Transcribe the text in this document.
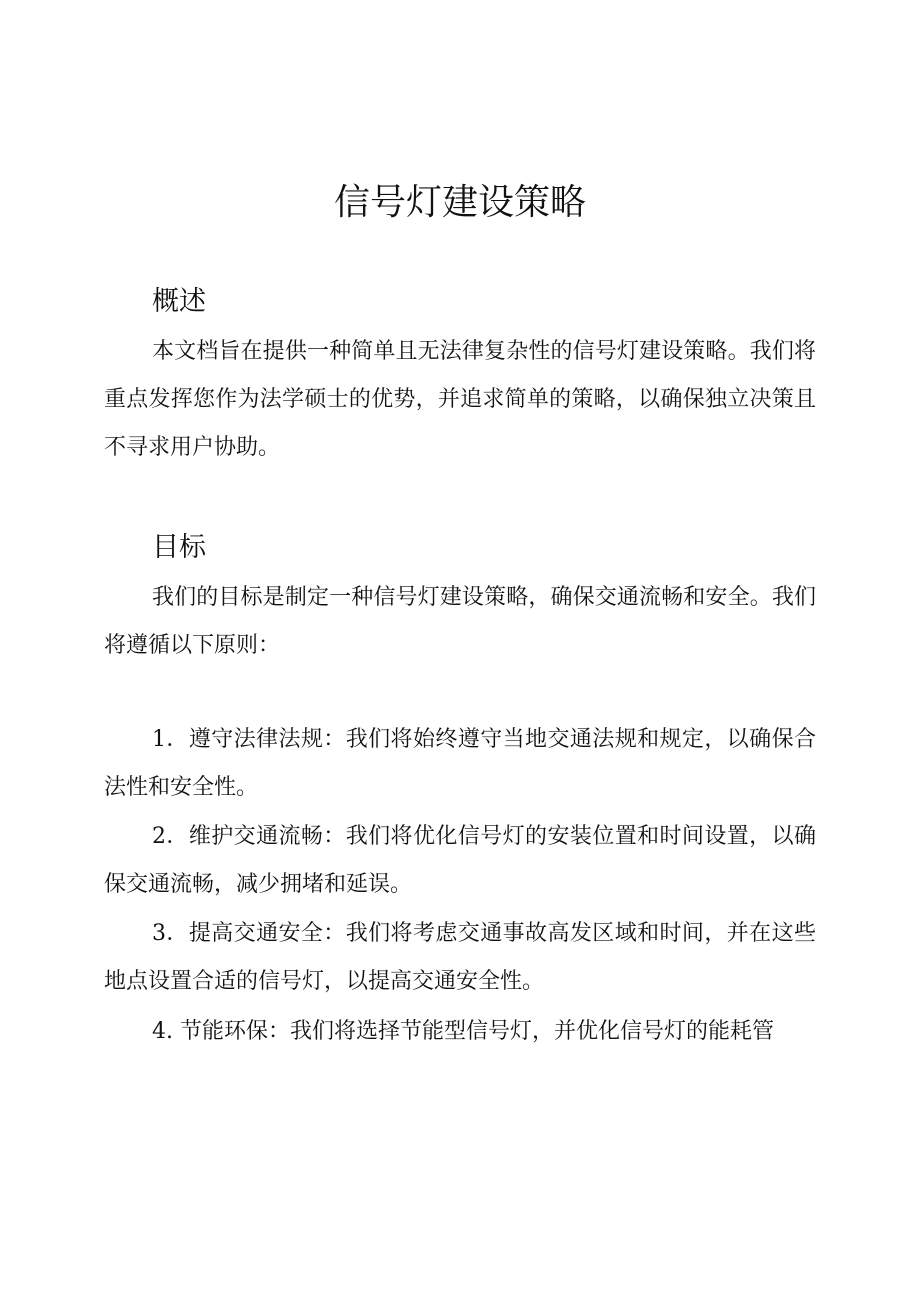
信号灯建设策略
概述

本文档旨在提供一种简单且无法律复杂性的信号灯建设策略。我们将重点发挥您作为法学硕士的优势，并追求简单的策略，以确保独立决策且不寻求用户协助。

目标

我们的目标是制定一种信号灯建设策略，确保交通流畅和安全。我们将遵循以下原则：

1．遵守法律法规：我们将始终遵守当地交通法规和规定，以确保合法性和安全性。

2．维护交通流畅：我们将优化信号灯的安装位置和时间设置，以确保交通流畅，减少拥堵和延误。

3．提高交通安全：我们将考虑交通事故高发区域和时间，并在这些地点设置合适的信号灯，以提高交通安全性。

4. 节能环保：我们将选择节能型信号灯，并优化信号灯的能耗管
